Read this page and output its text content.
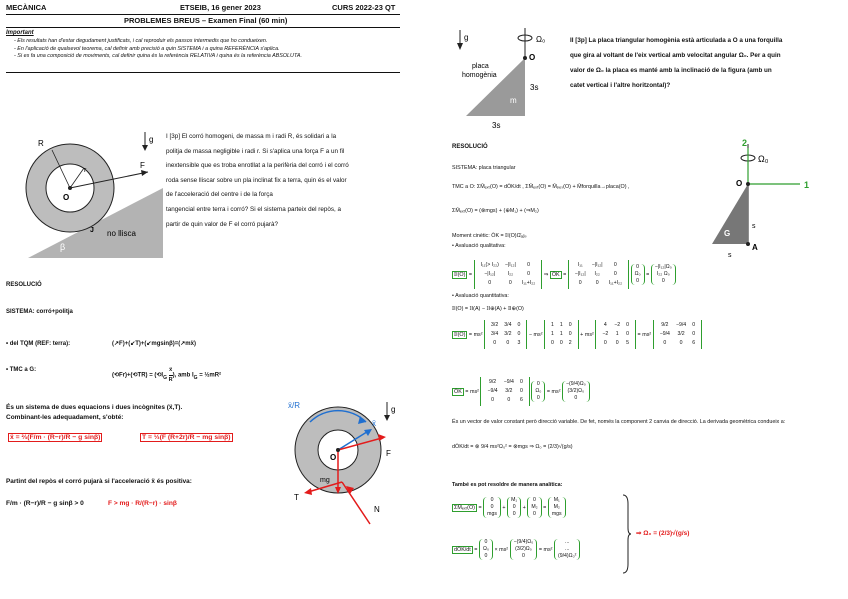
MECÀNICA	ETSEIB, 16 gener 2023	CURS 2022-23 QT
PROBLEMES BREUS – Examen Final (60 min)
Important
- Els resultats han d'estar degudament justificats, i cal reproduir els passos intermedis que ho condueixen.
- En l'aplicació de qualsevol teorema, cal definir amb precisió a quin SISTEMA i a quina REFERÈNCIA s'aplica.
- Si es fa una composició de moviments, cal definir quina és la referència RELATIVA i quina és la referència ABSOLUTA.
R
r
O
F
β
J no llisca
g I [3p] El corró homogeni, de massa m i radi R, és solidari a la
politja de massa negligible i radi r. Si s'aplica una força F a un fil
inextensible que es troba enrotllat a la perifèria del corró i el corró
roda sense lliscar sobre un pla inclinat fix a terra, quin és el valor
de l'acceleració del centre i de la força
tangencial entre terra i corró? Si el sistema parteix del repòs, a
partir de quin valor de F el corró pujarà?
RESOLUCIÓ
SISTEMA: corró+politja
• del TQM (REF: terra):	(↗F)+(↙T)+(↙mgsinβ)=(↗mẍ)
• TMC a G:
(⟲Fr)+(⟲TR) = ($⟲I_G \frac{\text{ẍ}}{R}$ ), amb $I_G$ = ½mR²
És un sistema de dues equacions i dues incògnites (ẍ,T).
Combinant-les adequadament, s'obté:
ẍ = ⅔(F/m · (R−r)/R − g sinβ)	T = ⅓(F (R+2r)/R − mg sinβ)
Partint del repòs el corró pujarà si l'acceleració ẍ és positiva:
F/m · (R−r)/R − g sinβ > 0	F > mg · R/(R−r) · sinβ
ẍ/R
ẍ
O	F
mg
T
N
g
g	Ω₀
O
placa
homogènia
m
3s
3s
II [3p] La placa triangular homogènia està articulada a O a una forquilla
que gira al voltant de l'eix vertical amb velocitat angular Ω₀. Per a quin
valor de Ω₀ la placa es manté amb la inclinació de la figura (amb un
catet vertical i l'altre horitzontal)?
Ω₀
2
1
O
G
A
s
s
RESOLUCIÓ
SISTEMA: placa triangular
TMC a O: ΣM̄ₑₓₜ(O) = dŌK/dt , ΣM̄ₑₓₜ(O) = M̄ₚₑₛ(O) + M̄forquilla→placa(O) ,
ΣM̄ₑₓₜ(O) = (⊗mgs) + (⊕M₁) + (⇒M₂)
Moment cinètic: ŌK = 𝕀I(O)Ω̄ₐᵦₛ
• Avaluació qualitativa:
𝕀I(O) = I₁₁(> I₂₂)	−|I₁₂|	0
−|I₁₂|	I₂₂	0
0	0	I₁₁+I₂₂ ⇒ ŌK = I₁₁	−|I₁₂|	0
−|I₁₂|	I₂₂	0
0	0	I₁₁+I₂₂
0
Ω₀
0
=
−|I₁₂|Ω₀
I₂₂ Ω₀
0
• Avaluació quantitativa:
𝕀I(O) = 𝕀I(A) − 𝕀I⊕(A) + 𝕀I⊕(O)
𝕀I(O) = ms² 3/2	3/4	0
3/4	3/2	0
0	0	3 − ms² 1	1	0
1	1	0
0	0	2 + ms² 4	−2	0
−2	1	0
0	0	5 = ms² 9/2	−9/4	0
−9/4	3/2	0
0	0	6
ŌK = ms² 9/2	−9/4	0
−9/4	3/2	0
0	0	6
0
Ω₀
0
= ms²
−(9/4)Ω₀
(3/2)Ω₀
0
És un vector de valor constant però direcció variable. De fet, només la component 2 canvia de direcció. La derivada geomètrica condueix a:
dŌK/dt = ⊗ 9/4 ms²Ω₀² = ⊗mgs ⇒ Ω₀ = (2/3)√(g/s)
També es pot resoldre de manera analítica:
ΣM̄ₑₓₜ(O) =
0
0
mgs
+
M₁
0
0
+
0
M₂
0
=
M₁
M₂
mgs
dŌK/dt =
0
Ω₀
0
× ms²
−(9/4)Ω₀
(3/2)Ω₀
0
= ms²
...
...
(9/4)Ω₀²
⇒ Ω₀ = (2/3)√(g/s)
